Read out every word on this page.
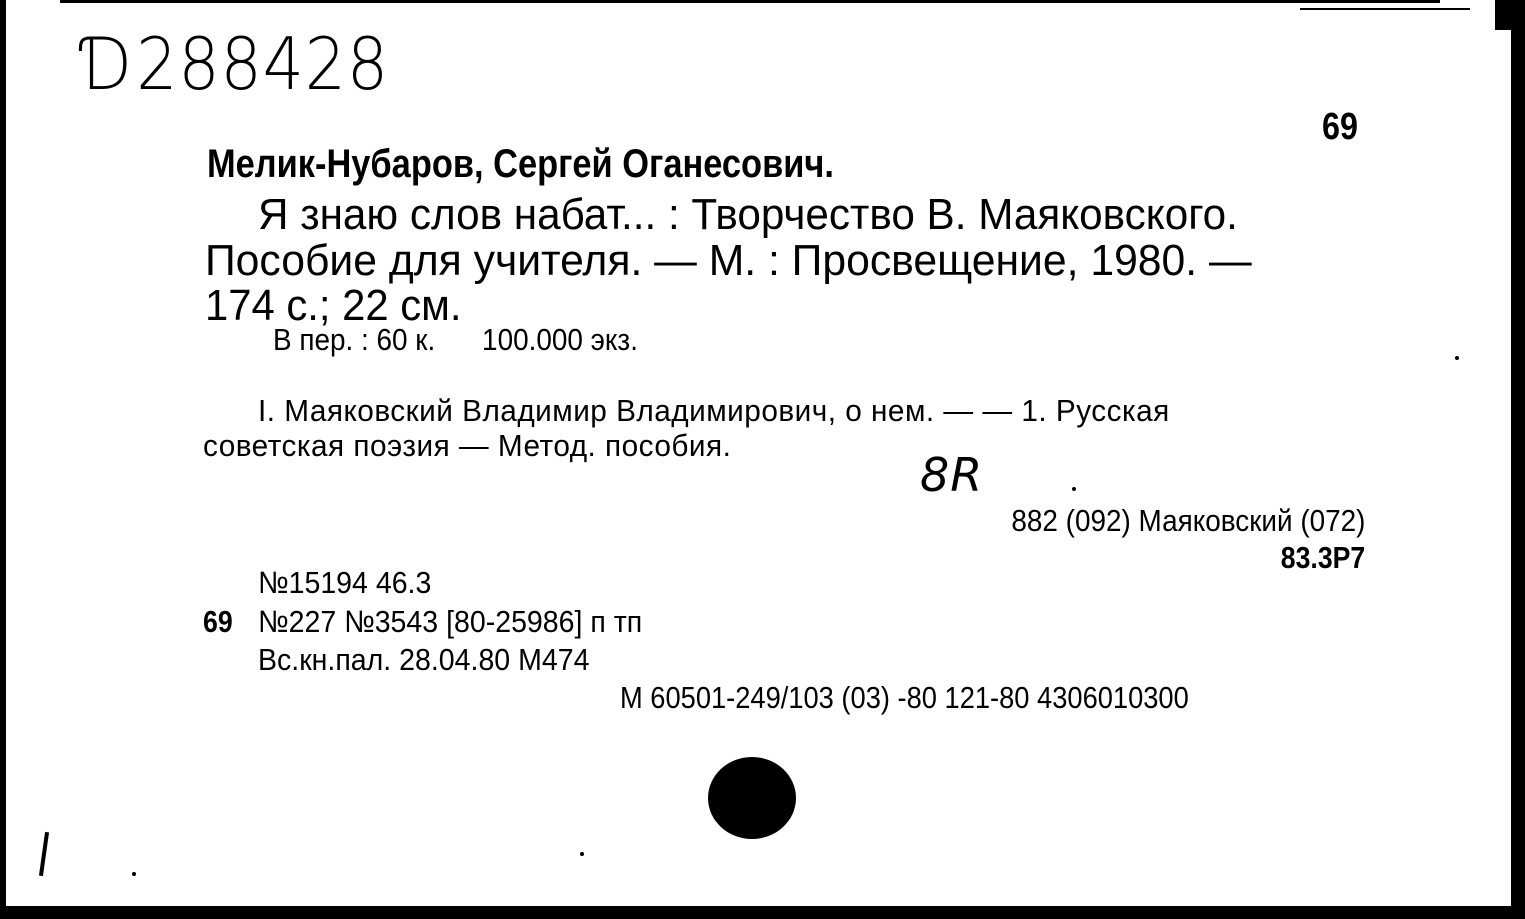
Ɗ288428
69
Мелик-Нубаров, Сергей Оганесович.
Я знаю слов набат... : Творчество В. Маяковского.
Пособие для учителя. — М. : Просвещение, 1980. —
174 с.; 22 см.
В пер. : 60 к. 100.000 экз.
I. Маяковский Владимир Владимирович, о нем. — — 1. Русская
советская поэзия — Метод. пособия.
8R
882 (092) Маяковский (072)
83.3Р7
№15194 46.3
69 №227 №3543 [80-25986] п тп
Вс.кн.пал. 28.04.80 М474
М 60501-249/103 (03) -80 121-80 4306010300
